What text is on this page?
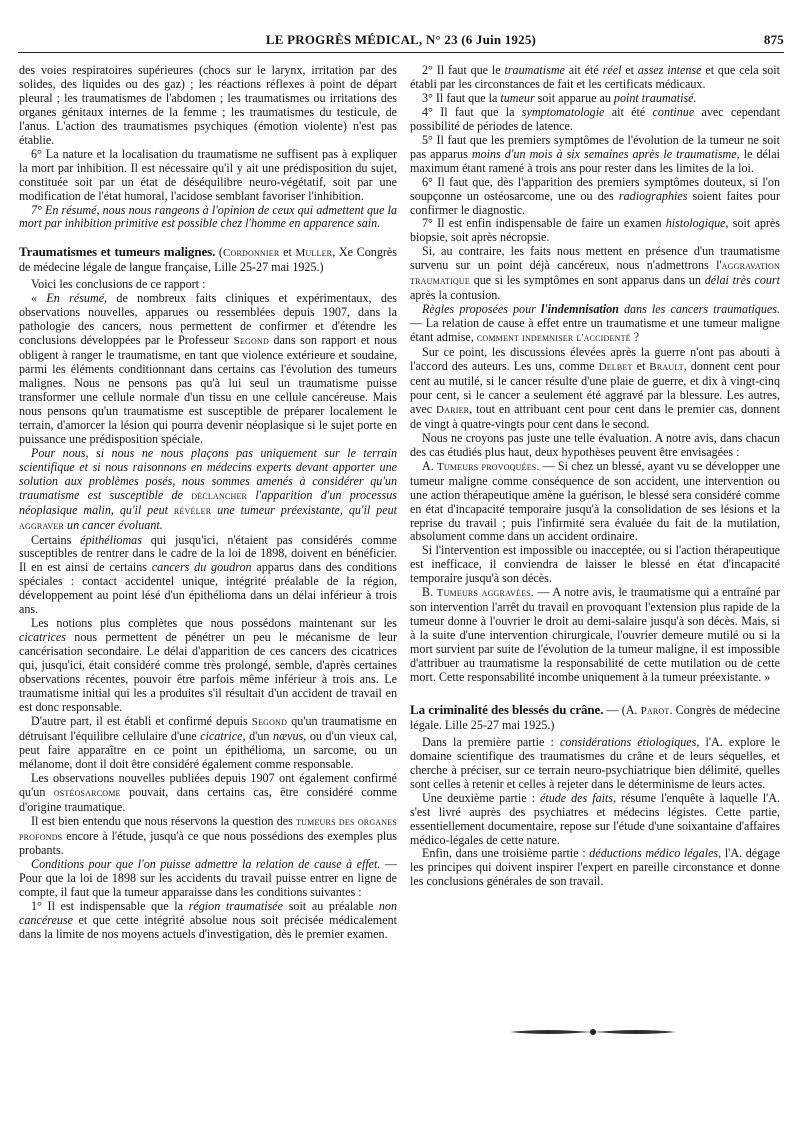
LE PROGRÈS MÉDICAL, N° 23 (6 Juin 1925)	875

des voies respiratoires supérieures (chocs sur le larynx, irritation par des solides, des liquides ou des gaz) ; les réactions réflexes à point de départ pleural ; les traumatismes de l'abdomen ; les traumatismes ou irritations des organes génitaux internes de la femme ; les traumatismes du testicule, de l'anus. L'action des traumatismes psychiques (émotion violente) n'est pas établie.

6° La nature et la localisation du traumatisme ne suffisent pas à expliquer la mort par inhibition. Il est nécessaire qu'il y ait une prédisposition du sujet, constituée soit par un état de déséquilibre neuro-végétatif, soit par une modification de l'état humoral, l'acidose semblant favoriser l'inhibition.

7° En résumé, nous nous rangeons à l'opinion de ceux qui admettent que la mort par inhibition primitive est possible chez l'homme en apparence sain.

Traumatismes et tumeurs malignes. (Cordonnier et Muller, Xe Congrès de médecine légale de langue française, Lille 25-27 mai 1925.)

Voici les conclusions de ce rapport :

« En résumé, de nombreux faits cliniques et expérimentaux, des observations nouvelles, apparues ou ressemblées depuis 1907, dans la pathologie des cancers, nous permettent de confirmer et d'étendre les conclusions développées par le Professeur Segond dans son rapport et nous obligent à ranger le traumatisme, en tant que violence extérieure et soudaine, parmi les éléments conditionnant dans certains cas l'évolution des tumeurs malignes. Nous ne pensons pas qu'à lui seul un traumatisme puisse transformer une cellule normale d'un tissu en une cellule cancéreuse. Mais nous pensons qu'un traumatisme est susceptible de préparer localement le terrain, d'amorcer la lésion qui pourra devenir néoplasique si le sujet porte en puissance une prédisposition spéciale.

Pour nous, si nous ne nous plaçons pas uniquement sur le terrain scientifique et si nous raisonnons en médecins experts devant apporter une solution aux problèmes posés, nous sommes amenés à considérer qu'un traumatisme est susceptible de déclancher l'apparition d'un processus néoplasique malin, qu'il peut révéler une tumeur préexistante, qu'il peut aggraver un cancer évoluant.

Certains épithéliomas qui jusqu'ici, n'étaient pas considérés comme susceptibles de rentrer dans le cadre de la loi de 1898, doivent en bénéficier. Il en est ainsi de certains cancers du goudron apparus dans des conditions spéciales : contact accidentel unique, intégrité préalable de la région, développement au point lésé d'un épithélioma dans un délai inférieur à trois ans.

Les notions plus complètes que nous possédons maintenant sur les cicatrices nous permettent de pénétrer un peu le mécanisme de leur cancérisation secondaire. Le délai d'apparition de ces cancers des cicatrices qui, jusqu'ici, était considéré comme très prolongé, semble, d'après certaines observations récentes, pouvoir être parfois même inférieur à trois ans. Le traumatisme initial qui les a produites s'il résultait d'un accident de travail en est donc responsable.

D'autre part, il est établi et confirmé depuis Segond qu'un traumatisme en détruisant l'équilibre cellulaire d'une cicatrice, d'un nævus, ou d'un vieux cal, peut faire apparaître en ce point un épithélioma, un sarcome, ou un mélanome, dont il doit être considéré également comme responsable.

Les observations nouvelles publiées depuis 1907 ont également confirmé qu'un ostéosarcome pouvait, dans certains cas, être considéré comme d'origine traumatique.

Il est bien entendu que nous réservons la question des tumeurs des organes profonds encore à l'étude, jusqu'à ce que nous possédions des exemples plus probants.

Conditions pour que l'on puisse admettre la relation de cause à effet. — Pour que la loi de 1898 sur les accidents du travail puisse entrer en ligne de compte, il faut que la tumeur apparaisse dans les conditions suivantes :

1° Il est indispensable que la région traumatisée soit au préalable non cancéreuse et que cette intégrité absolue nous soit précisée médicalement dans la limite de nos moyens actuels d'investigation, dès le premier examen.

2° Il faut que le traumatisme ait été réel et assez intense et que cela soit établi par les circonstances de fait et les certificats médicaux.

3° Il faut que la tumeur soit apparue au point traumatisé.

4° Il faut que la symptomatologie ait été continue avec cependant possibilité de périodes de latence.

5° Il faut que les premiers symptômes de l'évolution de la tumeur ne soit pas apparus moins d'un mois à six semaines après le traumatisme, le délai maximum étant ramené à trois ans pour rester dans les limites de la loi.

6° Il faut que, dès l'apparition des premiers symptômes douteux, si l'on soupçonne un ostéosarcome, une ou des radiographies soient faites pour confirmer le diagnostic.

7° Il est enfin indispensable de faire un examen histologique, soit après biopsie, soit après nécropsie.

Si, au contraire, les faits nous mettent en présence d'un traumatisme survenu sur un point déjà cancéreux, nous n'admettrons l'aggravation traumatique que si les symptômes en sont apparus dans un délai très court après la contusion.

Règles proposées pour l'indemnisation dans les cancers traumatiques. — La relation de cause à effet entre un traumatisme et une tumeur maligne étant admise, comment indemniser l'accidenté ?

Sur ce point, les discussions élevées après la guerre n'ont pas abouti à l'accord des auteurs. Les uns, comme Delbet et Brault, donnent cent pour cent au mutilé, si le cancer résulte d'une plaie de guerre, et dix à vingt-cinq pour cent, si le cancer a seulement été aggravé par la blessure. Les autres, avec Darier, tout en attribuant cent pour cent dans le premier cas, donnent de vingt à quatre-vingts pour cent dans le second.

Nous ne croyons pas juste une telle évaluation. A notre avis, dans chacun des cas étudiés plus haut, deux hypothèses peuvent être envisagées :

A. Tumeurs provoquées. — Si chez un blessé, ayant vu se développer une tumeur maligne comme conséquence de son accident, une intervention ou une action thérapeutique amène la guérison, le blessé sera considéré comme en état d'incapacité temporaire jusqu'à la consolidation de ses lésions et la reprise du travail ; puis l'infirmité sera évaluée du fait de la mutilation, absolument comme dans un accident ordinaire.

Si l'intervention est impossible ou inacceptée, ou si l'action thérapeutique est inefficace, il conviendra de laisser le blessé en état d'incapacité temporaire jusqu'à son décès.

B. Tumeurs aggravées. — A notre avis, le traumatisme qui a entraîné par son intervention l'arrêt du travail en provoquant l'extension plus rapide de la tumeur donne à l'ouvrier le droit au demi-salaire jusqu'à son décès. Mais, si à la suite d'une intervention chirurgicale, l'ouvrier demeure mutilé ou si la mort survient par suite de l'évolution de la tumeur maligne, il est impossible d'attribuer au traumatisme la responsabilité de cette mutilation ou de cette mort. Cette responsabilité incombe uniquement à la tumeur préexistante. »

La criminalité des blessés du crâne. — (A. Parot. Congrès de médecine légale. Lille 25-27 mai 1925.)

Dans la première partie : considérations étiologiques, l'A. explore le domaine scientifique des traumatismes du crâne et de leurs séquelles, et cherche à préciser, sur ce terrain neuro-psychiatrique bien délimité, quelles sont celles à retenir et celles à rejeter dans le déterminisme de leurs actes.

Une deuxième partie : étude des faits, résume l'enquête à laquelle l'A. s'est livré auprès des psychiatres et médecins légistes. Cette partie, essentiellement documentaire, repose sur l'étude d'une soixantaine d'affaires médico-légales de cette nature.

Enfin, dans une troisième partie : déductions médico légales, l'A. dégage les principes qui doivent inspirer l'expert en pareille circonstance et donne les conclusions générales de son travail.
